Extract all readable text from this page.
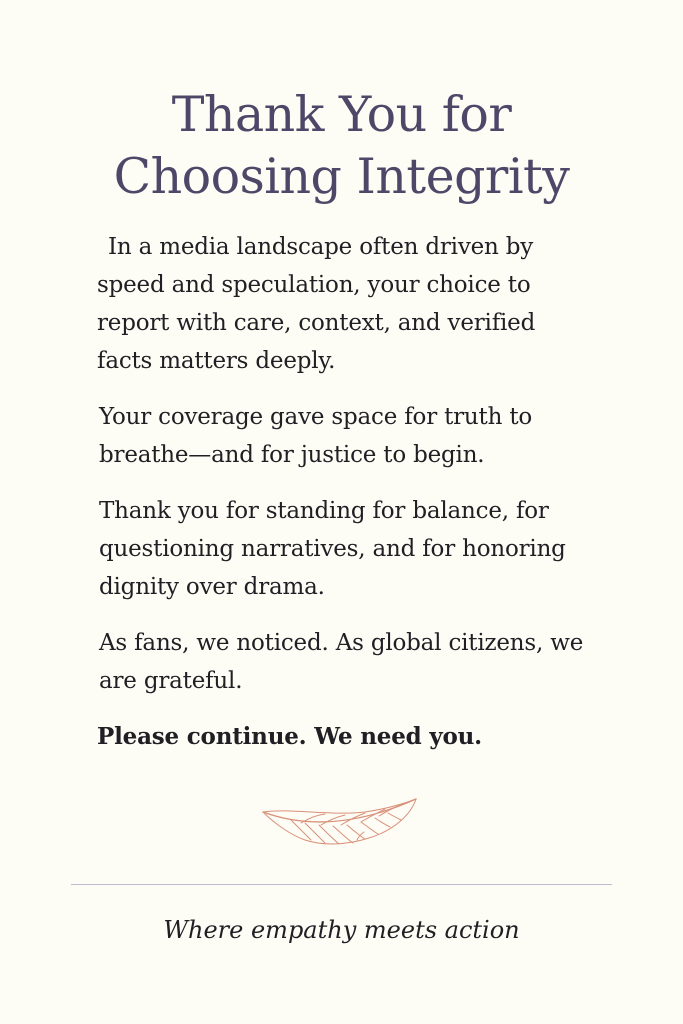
Thank You for
Choosing Integrity

In a media landscape often driven by speed and speculation, your choice to report with care, context, and verified facts matters deeply.

Your coverage gave space for truth to breathe—and for justice to begin.

Thank you for standing for balance, for questioning narratives, and for honoring dignity over drama.

As fans, we noticed. As global citizens, we are grateful.

Please continue. We need you.

Where empathy meets action
